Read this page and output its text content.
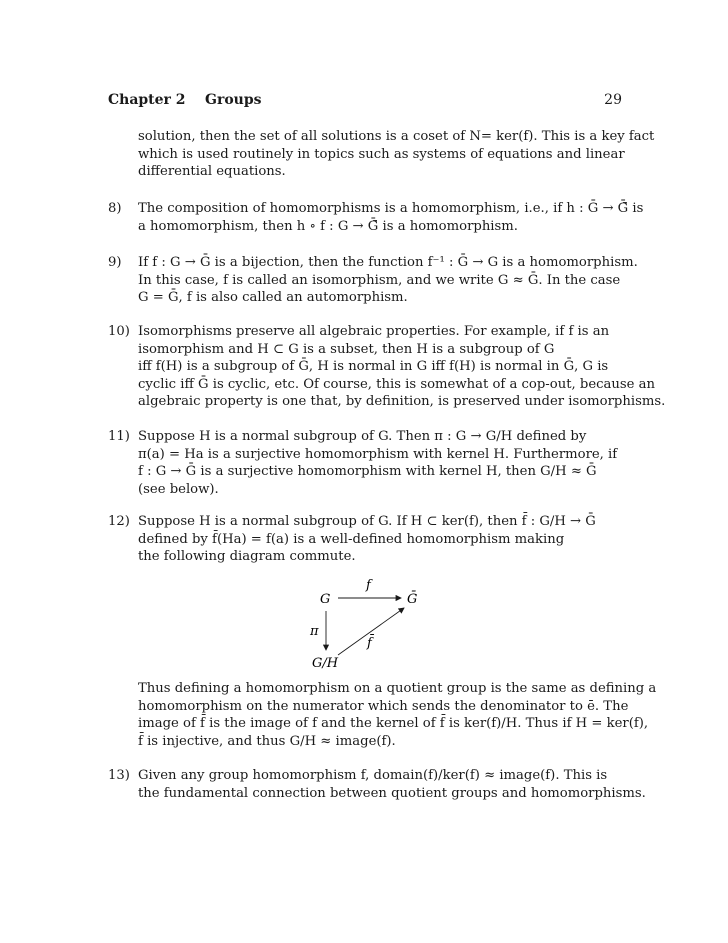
Chapter 2 Groups	29
solution, then the set of all solutions is a coset of N= ker(f). This is a key fact
which is used routinely in topics such as systems of equations and linear
differential equations.
8)	The composition of homomorphisms is a homomorphism, i.e., if h : Ḡ → Ḡ̄ is
a homomorphism, then h ∘ f : G → Ḡ̄ is a homomorphism.
9)	If f : G → Ḡ is a bijection, then the function f⁻¹ : Ḡ → G is a homomorphism.
In this case, f is called an isomorphism, and we write G ≈ Ḡ. In the case
G = Ḡ, f is also called an automorphism.
10) Isomorphisms preserve all algebraic properties. For example, if f is an
isomorphism and H ⊂ G is a subset, then H is a subgroup of G
iff f(H) is a subgroup of Ḡ, H is normal in G iff f(H) is normal in Ḡ, G is
cyclic iff Ḡ is cyclic, etc. Of course, this is somewhat of a cop-out, because an
algebraic property is one that, by definition, is preserved under isomorphisms.
11) Suppose H is a normal subgroup of G. Then π : G → G/H defined by
π(a) = Ha is a surjective homomorphism with kernel H. Furthermore, if
f : G → Ḡ is a surjective homomorphism with kernel H, then G/H ≈ Ḡ
(see below).
12) Suppose H is a normal subgroup of G. If H ⊂ ker(f), then f̄ : G/H → Ḡ
defined by f̄(Ha) = f(a) is a well-defined homomorphism making
the following diagram commute.
G	Ḡ
G/H
f
π
f̄
Thus defining a homomorphism on a quotient group is the same as defining a
homomorphism on the numerator which sends the denominator to ē. The
image of f̄ is the image of f and the kernel of f̄ is ker(f)/H. Thus if H = ker(f),
f̄ is injective, and thus G/H ≈ image(f).
13) Given any group homomorphism f, domain(f)/ker(f) ≈ image(f). This is
the fundamental connection between quotient groups and homomorphisms.
